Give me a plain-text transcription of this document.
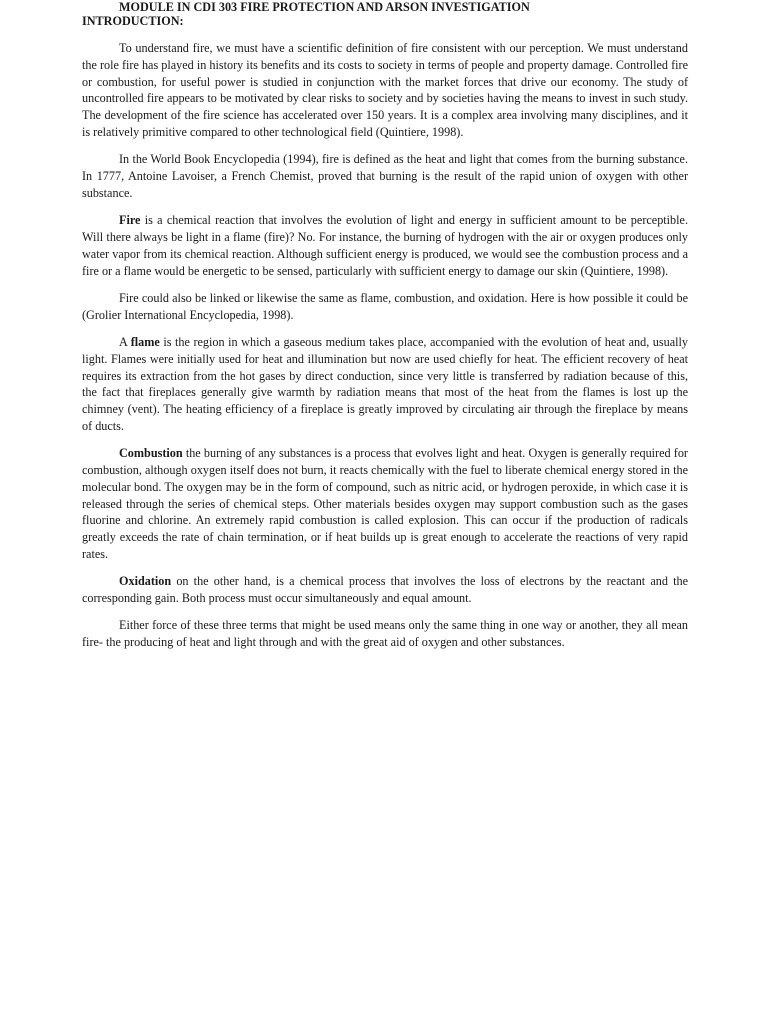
MODULE IN CDI 303 FIRE PROTECTION AND ARSON INVESTIGATION
INTRODUCTION:

To understand fire, we must have a scientific definition of fire consistent with our perception. We must understand the role fire has played in history its benefits and its costs to society in terms of people and property damage. Controlled fire or combustion, for useful power is studied in conjunction with the market forces that drive our economy. The study of uncontrolled fire appears to be motivated by clear risks to society and by societies having the means to invest in such study. The development of the fire science has accelerated over 150 years. It is a complex area involving many disciplines, and it is relatively primitive compared to other technological field (Quintiere, 1998).

In the World Book Encyclopedia (1994), fire is defined as the heat and light that comes from the burning substance. In 1777, Antoine Lavoiser, a French Chemist, proved that burning is the result of the rapid union of oxygen with other substance.

Fire is a chemical reaction that involves the evolution of light and energy in sufficient amount to be perceptible. Will there always be light in a flame (fire)? No. For instance, the burning of hydrogen with the air or oxygen produces only water vapor from its chemical reaction. Although sufficient energy is produced, we would see the combustion process and a fire or a flame would be energetic to be sensed, particularly with sufficient energy to damage our skin (Quintiere, 1998).

Fire could also be linked or likewise the same as flame, combustion, and oxidation. Here is how possible it could be (Grolier International Encyclopedia, 1998).

A flame is the region in which a gaseous medium takes place, accompanied with the evolution of heat and, usually light. Flames were initially used for heat and illumination but now are used chiefly for heat. The efficient recovery of heat requires its extraction from the hot gases by direct conduction, since very little is transferred by radiation because of this, the fact that fireplaces generally give warmth by radiation means that most of the heat from the flames is lost up the chimney (vent). The heating efficiency of a fireplace is greatly improved by circulating air through the fireplace by means of ducts.

Combustion the burning of any substances is a process that evolves light and heat. Oxygen is generally required for combustion, although oxygen itself does not burn, it reacts chemically with the fuel to liberate chemical energy stored in the molecular bond. The oxygen may be in the form of compound, such as nitric acid, or hydrogen peroxide, in which case it is released through the series of chemical steps. Other materials besides oxygen may support combustion such as the gases fluorine and chlorine. An extremely rapid combustion is called explosion. This can occur if the production of radicals greatly exceeds the rate of chain termination, or if heat builds up is great enough to accelerate the reactions of very rapid rates.

Oxidation on the other hand, is a chemical process that involves the loss of electrons by the reactant and the corresponding gain. Both process must occur simultaneously and equal amount.

Either force of these three terms that might be used means only the same thing in one way or another, they all mean fire- the producing of heat and light through and with the great aid of oxygen and other substances.
